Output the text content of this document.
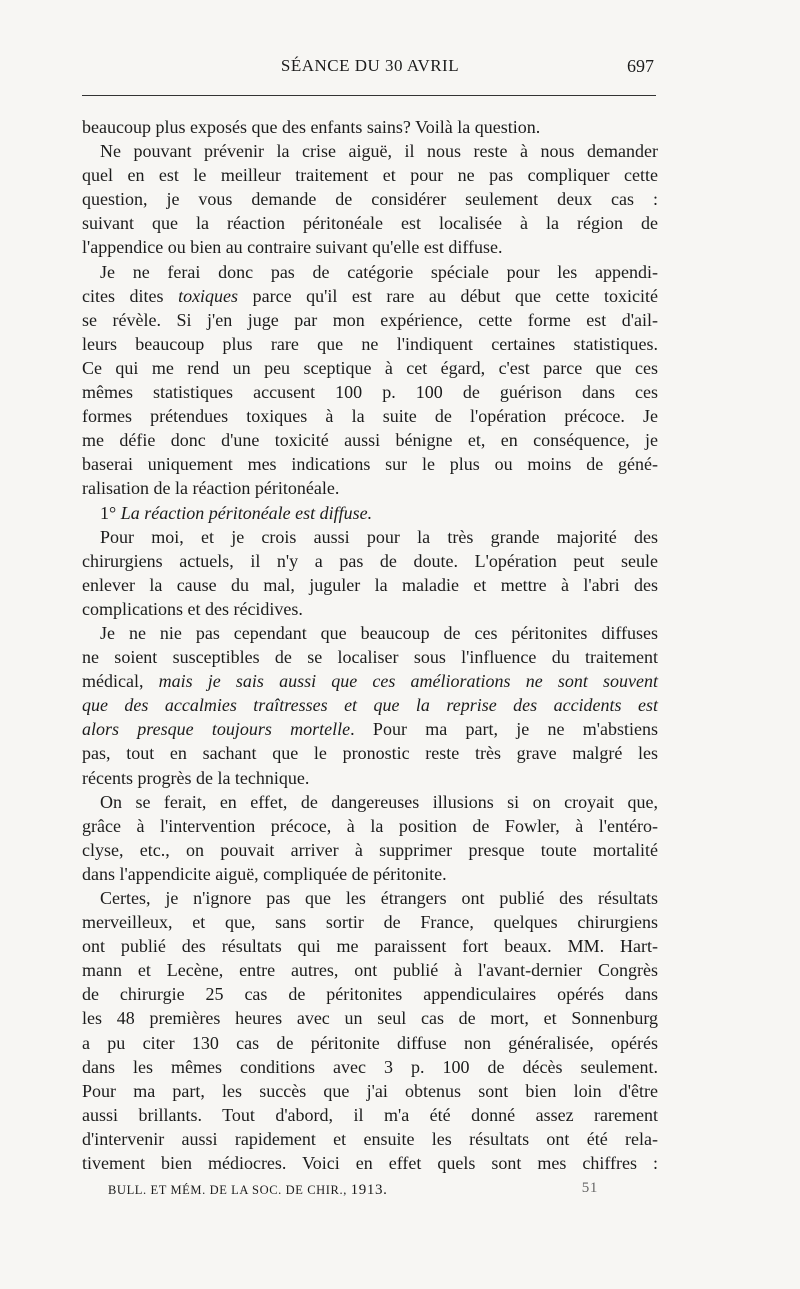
SÉANCE DU 30 AVRIL	697
beaucoup plus exposés que des enfants sains? Voilà la question.
Ne pouvant prévenir la crise aiguë, il nous reste à nous demander
quel en est le meilleur traitement et pour ne pas compliquer cette
question, je vous demande de considérer seulement deux cas :
suivant que la réaction péritonéale est localisée à la région de
l'appendice ou bien au contraire suivant qu'elle est diffuse.
Je ne ferai donc pas de catégorie spéciale pour les appendi-
cites dites toxiques parce qu'il est rare au début que cette toxicité
se révèle. Si j'en juge par mon expérience, cette forme est d'ail-
leurs beaucoup plus rare que ne l'indiquent certaines statistiques.
Ce qui me rend un peu sceptique à cet égard, c'est parce que ces
mêmes statistiques accusent 100 p. 100 de guérison dans ces
formes prétendues toxiques à la suite de l'opération précoce. Je
me défie donc d'une toxicité aussi bénigne et, en conséquence, je
baserai uniquement mes indications sur le plus ou moins de géné-
ralisation de la réaction péritonéale.
1° La réaction péritonéale est diffuse.
Pour moi, et je crois aussi pour la très grande majorité des
chirurgiens actuels, il n'y a pas de doute. L'opération peut seule
enlever la cause du mal, juguler la maladie et mettre à l'abri des
complications et des récidives.
Je ne nie pas cependant que beaucoup de ces péritonites diffuses
ne soient susceptibles de se localiser sous l'influence du traitement
médical, mais je sais aussi que ces améliorations ne sont souvent
que des accalmies traîtresses et que la reprise des accidents est
alors presque toujours mortelle. Pour ma part, je ne m'abstiens
pas, tout en sachant que le pronostic reste très grave malgré les
récents progrès de la technique.
On se ferait, en effet, de dangereuses illusions si on croyait que,
grâce à l'intervention précoce, à la position de Fowler, à l'entéro-
clyse, etc., on pouvait arriver à supprimer presque toute mortalité
dans l'appendicite aiguë, compliquée de péritonite.
Certes, je n'ignore pas que les étrangers ont publié des résultats
merveilleux, et que, sans sortir de France, quelques chirurgiens
ont publié des résultats qui me paraissent fort beaux. MM. Hart-
mann et Lecène, entre autres, ont publié à l'avant-dernier Congrès
de chirurgie 25 cas de péritonites appendiculaires opérés dans
les 48 premières heures avec un seul cas de mort, et Sonnenburg
a pu citer 130 cas de péritonite diffuse non généralisée, opérés
dans les mêmes conditions avec 3 p. 100 de décès seulement.
Pour ma part, les succès que j'ai obtenus sont bien loin d'être
aussi brillants. Tout d'abord, il m'a été donné assez rarement
d'intervenir aussi rapidement et ensuite les résultats ont été rela-
tivement bien médiocres. Voici en effet quels sont mes chiffres :
BULL. ET MÉM. DE LA SOC. DE CHIR., 1913.	51
